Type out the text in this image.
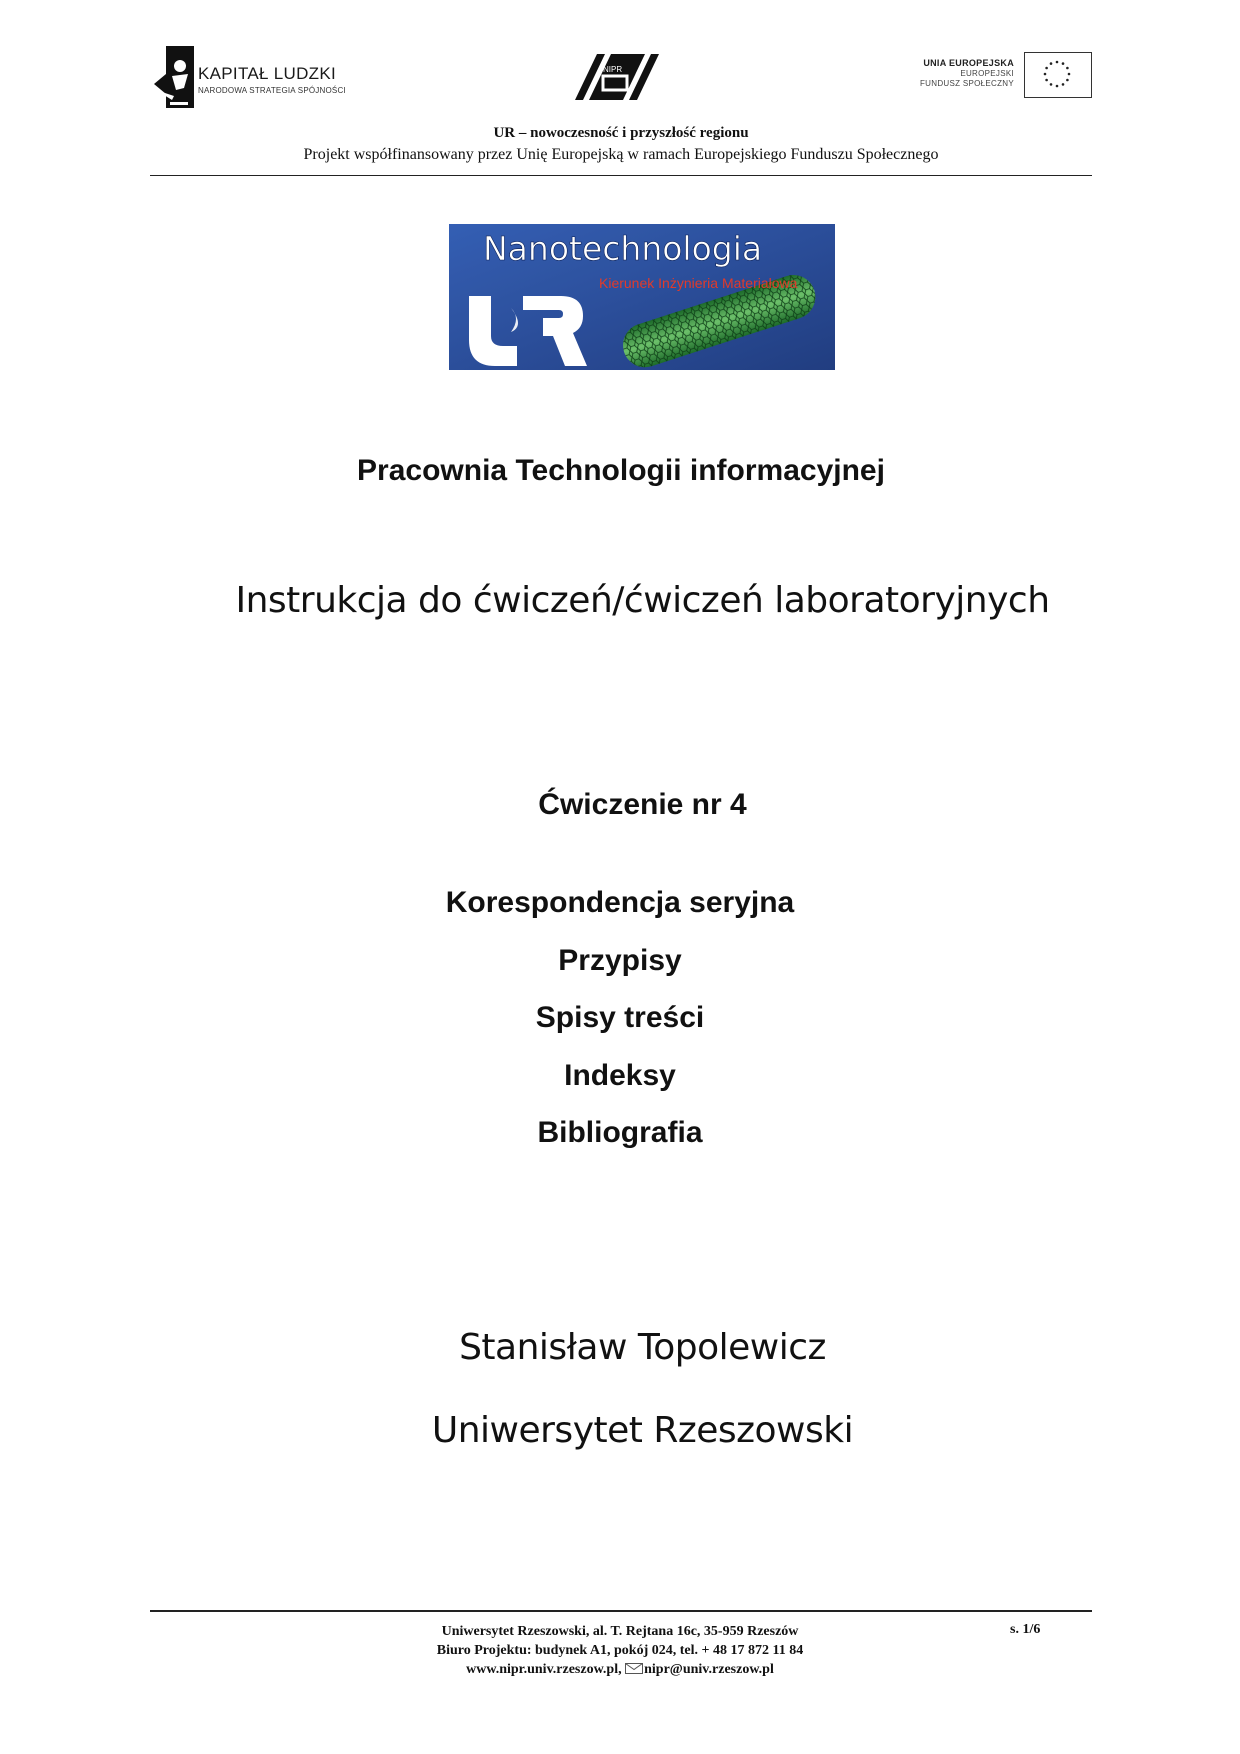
KAPITAŁ LUDZKI
NARODOWA STRATEGIA SPÓJNOŚCI
NIPR
UNIA EUROPEJSKA
EUROPEJSKI
FUNDUSZ SPOŁECZNY
UR – nowoczesność i przyszłość regionu
Projekt współfinansowany przez Unię Europejską w ramach Europejskiego Funduszu Społecznego
Nanotechnologia
Kierunek Inżynieria Materiałowa
Pracownia Technologii informacyjnej
Instrukcja do ćwiczeń/ćwiczeń laboratoryjnych
Ćwiczenie nr 4
Korespondencja seryjna
Przypisy
Spisy treści
Indeksy
Bibliografia
Stanisław Topolewicz
Uniwersytet Rzeszowski
Uniwersytet Rzeszowski, al. T. Rejtana 16c, 35-959 Rzeszów
Biuro Projektu: budynek A1, pokój 024, tel. + 48 17 872 11 84
www.nipr.univ.rzeszow.pl, nipr@univ.rzeszow.pl
s. 1/6
